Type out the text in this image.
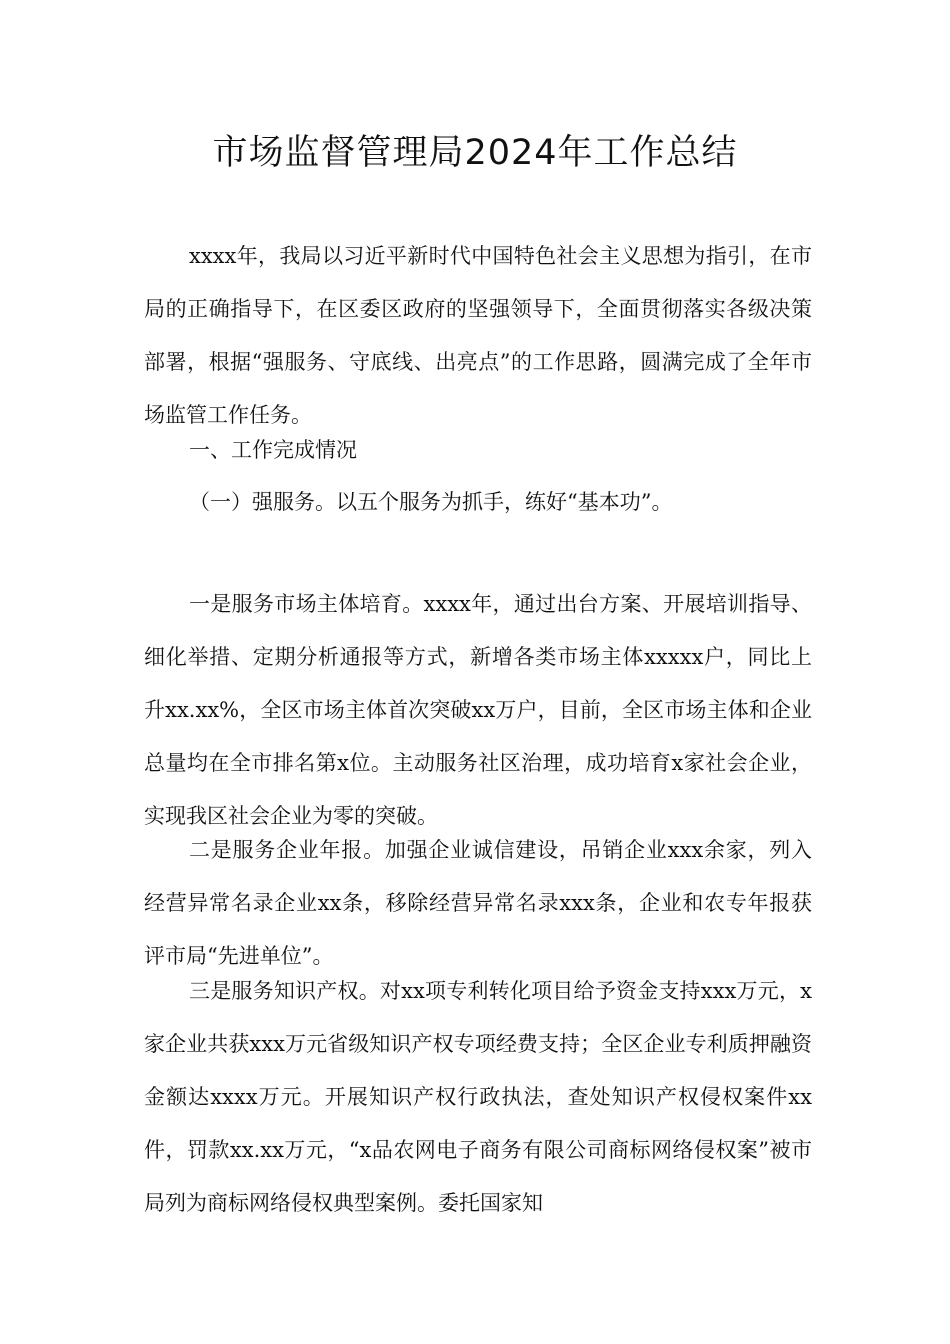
市场监督管理局2024年工作总结

xxxx年，我局以习近平新时代中国特色社会主义思想为指引，在市局的正确指导下，在区委区政府的坚强领导下，全面贯彻落实各级决策部署，根据“强服务、守底线、出亮点”的工作思路，圆满完成了全年市场监管工作任务。

一、工作完成情况

（一）强服务。以五个服务为抓手，练好“基本功”。

一是服务市场主体培育。xxxx年，通过出台方案、开展培训指导、细化举措、定期分析通报等方式，新增各类市场主体xxxxx户，同比上升xx.xx%，全区市场主体首次突破xx万户，目前，全区市场主体和企业总量均在全市排名第x位。主动服务社区治理，成功培育x家社会企业，实现我区社会企业为零的突破。

二是服务企业年报。加强企业诚信建设，吊销企业xxx余家，列入经营异常名录企业xx条，移除经营异常名录xxx条，企业和农专年报获评市局“先进单位”。

三是服务知识产权。对xx项专利转化项目给予资金支持xxx万元，x家企业共获xxx万元省级知识产权专项经费支持；全区企业专利质押融资金额达xxxx万元。开展知识产权行政执法，查处知识产权侵权案件xx件，罚款xx.xx万元，“x品农网电子商务有限公司商标网络侵权案”被市局列为商标网络侵权典型案例。委托国家知
